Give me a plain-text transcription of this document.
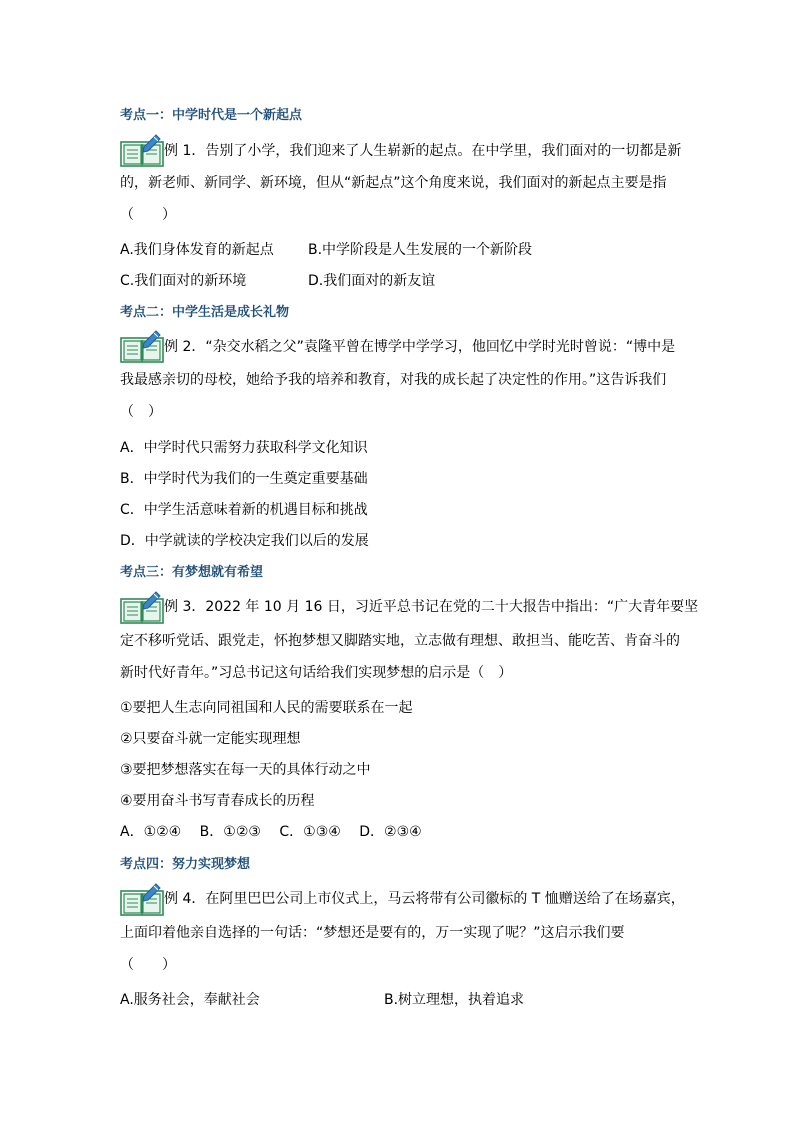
考点一：中学时代是一个新起点
例 1．告别了小学，我们迎来了人生崭新的起点。在中学里，我们面对的一切都是新
的，新老师、新同学、新环境，但从“新起点”这个角度来说，我们面对的新起点主要是指
（　　）
A.我们身体发育的新起点 B.中学阶段是人生发展的一个新阶段
C.我们面对的新环境	D.我们面对的新友谊
考点二：中学生活是成长礼物
例 2．“杂交水稻之父”袁隆平曾在博学中学学习，他回忆中学时光时曾说：“博中是
我最感亲切的母校，她给予我的培养和教育，对我的成长起了决定性的作用。”这告诉我们
（　）
A．中学时代只需努力获取科学文化知识
B．中学时代为我们的一生奠定重要基础
C．中学生活意味着新的机遇目标和挑战
D．中学就读的学校决定我们以后的发展
考点三：有梦想就有希望
例 3．2022 年 10 月 16 日，习近平总书记在党的二十大报告中指出：“广大青年要坚
定不移听党话、跟党走，怀抱梦想又脚踏实地，立志做有理想、敢担当、能吃苦、肯奋斗的
新时代好青年。”习总书记这句话给我们实现梦想的启示是（　）
①要把人生志向同祖国和人民的需要联系在一起
②只要奋斗就一定能实现理想
③要把梦想落实在每一天的具体行动之中
④要用奋斗书写青春成长的历程
A．①②④　 B．①②③　 C．①③④　 D．②③④
考点四：努力实现梦想
例 4．在阿里巴巴公司上市仪式上，马云将带有公司徽标的 T 恤赠送给了在场嘉宾，
上面印着他亲自选择的一句话：“梦想还是要有的，万一实现了呢？”这启示我们要
（　　）
A.服务社会，奉献社会	B.树立理想，执着追求
